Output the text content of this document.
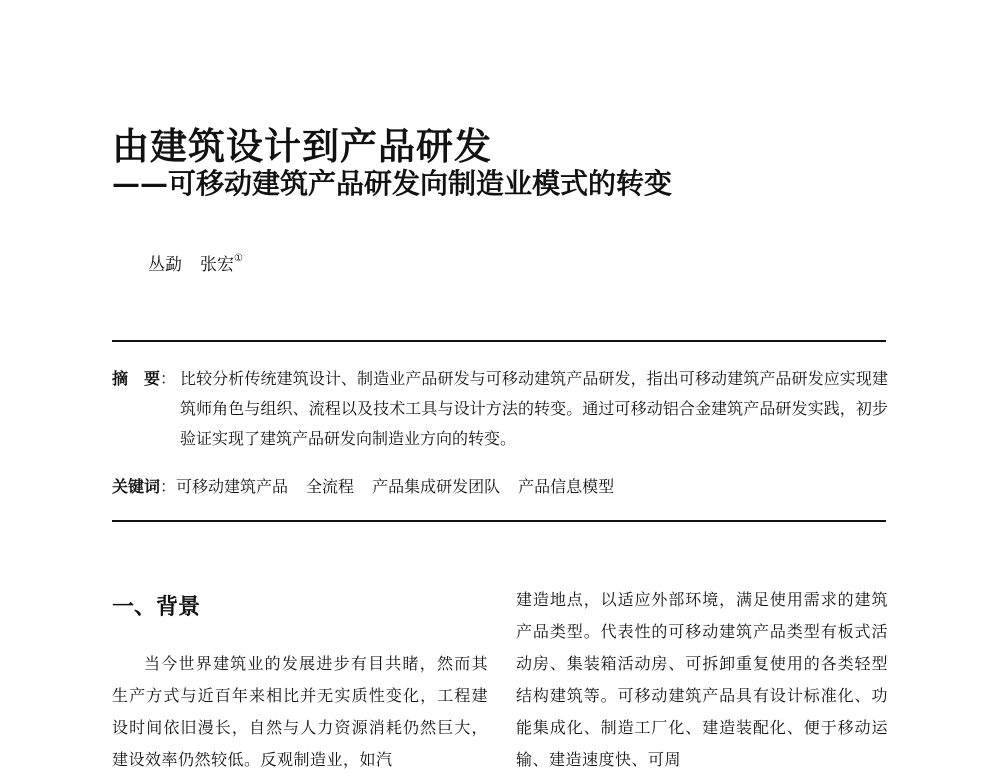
由建筑设计到产品研发
——可移动建筑产品研发向制造业模式的转变
丛勐 张宏①
摘　要： 比较分析传统建筑设计、制造业产品研发与可移动建筑产品研发，指出可移动建筑产品研发应实现建筑师角色与组织、流程以及技术工具与设计方法的转变。通过可移动铝合金建筑产品研发实践，初步验证实现了建筑产品研发向制造业方向的转变。
关键词：可移动建筑产品 全流程 产品集成研发团队 产品信息模型
一、背景
当今世界建筑业的发展进步有目共睹，然而其生产方式与近百年来相比并无实质性变化，工程建设时间依旧漫长，自然与人力资源消耗仍然巨大，建设效率仍然较低。反观制造业，如汽
建造地点，以适应外部环境，满足使用需求的建筑产品类型。代表性的可移动建筑产品类型有板式活动房、集装箱活动房、可拆卸重复使用的各类轻型结构建筑等。可移动建筑产品具有设计标准化、功能集成化、制造工厂化、建造装配化、便于移动运输、建造速度快、可周
